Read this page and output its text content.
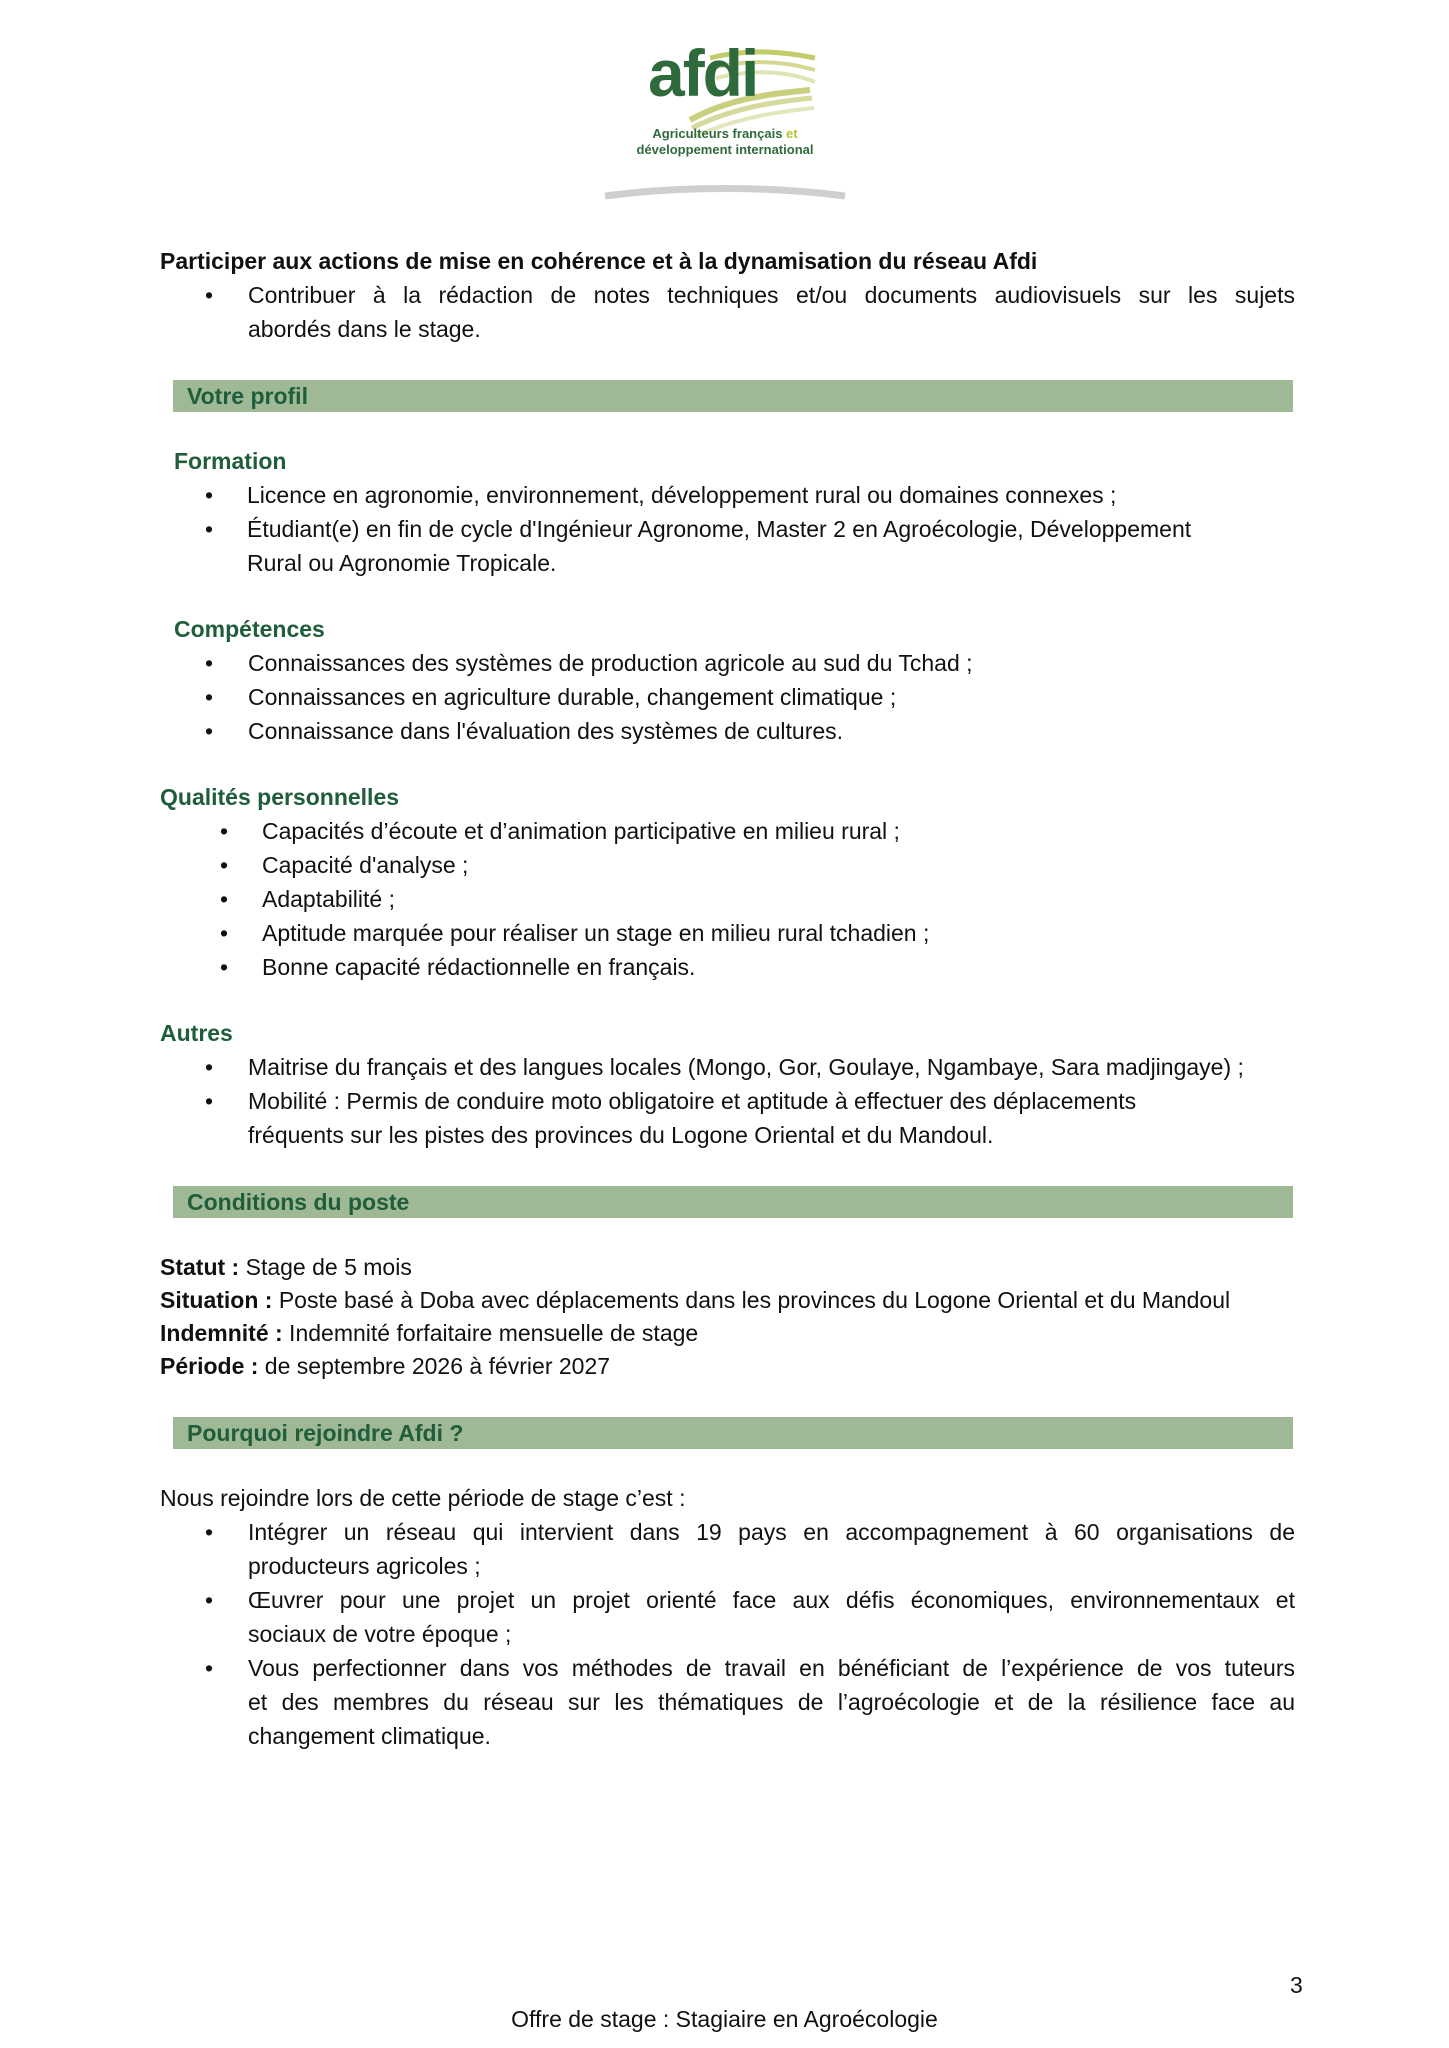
afdi
Agriculteurs français et
développement international
Participer aux actions de mise en cohérence et à la dynamisation du réseau Afdi
• Contribuer à la rédaction de notes techniques et/ou documents audiovisuels sur les sujets
abordés dans le stage.
Votre profil
Formation
• Licence en agronomie, environnement, développement rural ou domaines connexes ;
• Étudiant(e) en fin de cycle d'Ingénieur Agronome, Master 2 en Agroécologie, Développement
Rural ou Agronomie Tropicale.
Compétences
• Connaissances des systèmes de production agricole au sud du Tchad ;
• Connaissances en agriculture durable, changement climatique ;
• Connaissance dans l'évaluation des systèmes de cultures.
Qualités personnelles
• Capacités d’écoute et d’animation participative en milieu rural ;
• Capacité d'analyse ;
• Adaptabilité ;
• Aptitude marquée pour réaliser un stage en milieu rural tchadien ;
• Bonne capacité rédactionnelle en français.
Autres
• Maitrise du français et des langues locales (Mongo, Gor, Goulaye, Ngambaye, Sara madjingaye) ;
• Mobilité : Permis de conduire moto obligatoire et aptitude à effectuer des déplacements
fréquents sur les pistes des provinces du Logone Oriental et du Mandoul.
Conditions du poste
Statut : Stage de 5 mois
Situation : Poste basé à Doba avec déplacements dans les provinces du Logone Oriental et du Mandoul
Indemnité : Indemnité forfaitaire mensuelle de stage
Période : de septembre 2026 à février 2027
Pourquoi rejoindre Afdi ?
Nous rejoindre lors de cette période de stage c’est :
• Intégrer un réseau qui intervient dans 19 pays en accompagnement à 60 organisations de
producteurs agricoles ;
• Œuvrer pour une projet un projet orienté face aux défis économiques, environnementaux et
sociaux de votre époque ;
• Vous perfectionner dans vos méthodes de travail en bénéficiant de l’expérience de vos tuteurs
et des membres du réseau sur les thématiques de l’agroécologie et de la résilience face au
changement climatique.
3
Offre de stage : Stagiaire en Agroécologie
